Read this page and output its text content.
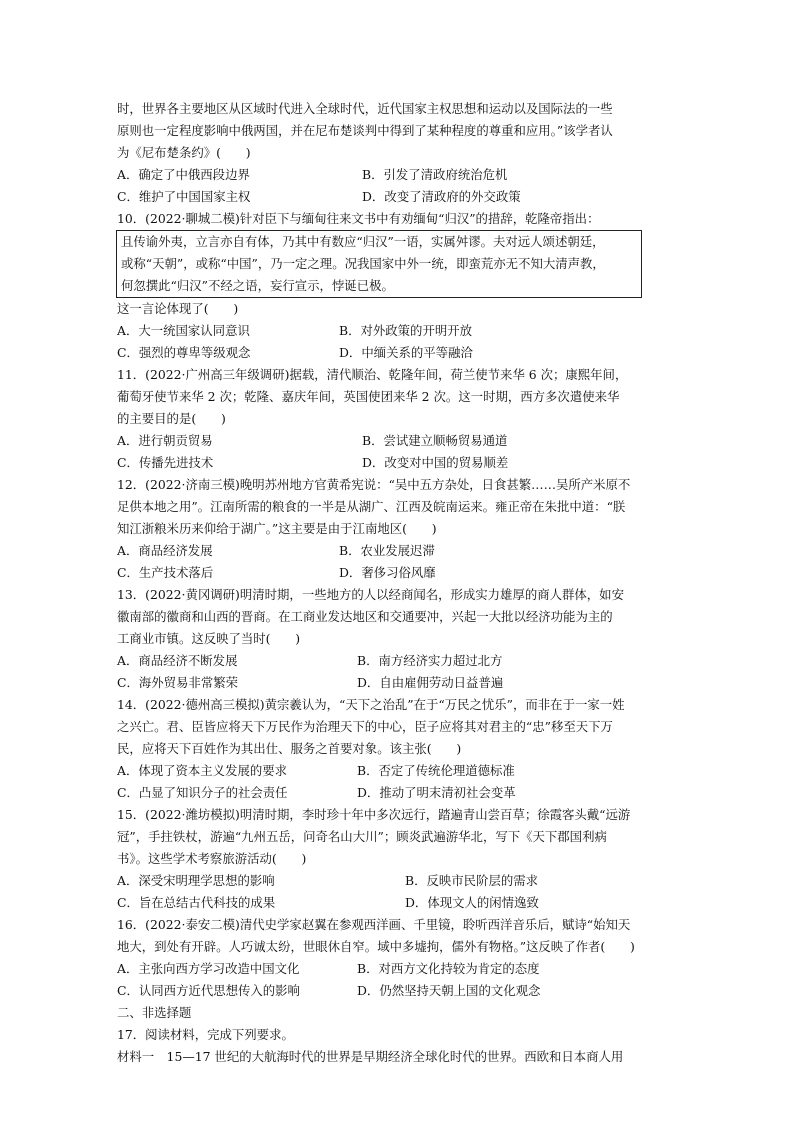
时，世界各主要地区从区域时代进入全球时代，近代国家主权思想和运动以及国际法的一些
原则也一定程度影响中俄两国，并在尼布楚谈判中得到了某种程度的尊重和应用。”该学者认
为《尼布楚条约》(　　)
A．确定了中俄西段边界	B．引发了清政府统治危机
C．维护了中国国家主权	D．改变了清政府的外交政策
10．(2022·聊城二模)针对臣下与缅甸往来文书中有劝缅甸“归汉”的措辞，乾隆帝指出：
且传谕外夷，立言亦自有体，乃其中有数应“归汉”一语，实属舛谬。夫对远人颂述朝廷，
或称“天朝”，或称“中国”，乃一定之理。况我国家中外一统，即蛮荒亦无不知大清声教，
何忽撰此“归汉”不经之语，妄行宣示，悖诞已极。
这一言论体现了(　　)
A．大一统国家认同意识	B．对外政策的开明开放
C．强烈的尊卑等级观念	D．中缅关系的平等融洽
11．(2022·广州高三年级调研)据载，清代顺治、乾隆年间，荷兰使节来华 6 次；康熙年间，
葡萄牙使节来华 2 次；乾隆、嘉庆年间，英国使团来华 2 次。这一时期，西方多次遣使来华
的主要目的是(　　)
A．进行朝贡贸易	B．尝试建立顺畅贸易通道
C．传播先进技术	D．改变对中国的贸易顺差
12．(2022·济南三模)晚明苏州地方官黄希宪说：“吴中五方杂处，日食甚繁……吴所产米原不
足供本地之用”。江南所需的粮食的一半是从湖广、江西及皖南运来。雍正帝在朱批中道：“朕
知江浙粮米历来仰给于湖广。”这主要是由于江南地区(　　)
A．商品经济发展	B．农业发展迟滞
C．生产技术落后	D．奢侈习俗风靡
13．(2022·黄冈调研)明清时期，一些地方的人以经商闻名，形成实力雄厚的商人群体，如安
徽南部的徽商和山西的晋商。在工商业发达地区和交通要冲，兴起一大批以经济功能为主的
工商业市镇。这反映了当时(　　)
A．商品经济不断发展	B．南方经济实力超过北方
C．海外贸易非常繁荣	D．自由雇佣劳动日益普遍
14．(2022·德州高三模拟)黄宗羲认为，“天下之治乱”在于“万民之忧乐”，而非在于一家一姓
之兴亡。君、臣皆应将天下万民作为治理天下的中心，臣子应将其对君主的“忠”移至天下万
民，应将天下百姓作为其出仕、服务之首要对象。该主张(　　)
A．体现了资本主义发展的要求	B．否定了传统伦理道德标准
C．凸显了知识分子的社会责任	D．推动了明末清初社会变革
15．(2022·潍坊模拟)明清时期，李时珍十年中多次远行，踏遍青山尝百草；徐霞客头戴“远游
冠”，手拄铁杖，游遍“九州五岳，问奇名山大川”；顾炎武遍游华北，写下《天下郡国利病
书》。这些学术考察旅游活动(　　)
A．深受宋明理学思想的影响	B．反映市民阶层的需求
C．旨在总结古代科技的成果	D．体现文人的闲情逸致
16．(2022·泰安二模)清代史学家赵翼在参观西洋画、千里镜，聆听西洋音乐后，赋诗“始知天
地大，到处有开辟。人巧诚太纷，世眼休自窄。域中多墟拘，儒外有物格。”这反映了作者(　　)
A．主张向西方学习改造中国文化	B．对西方文化持较为肯定的态度
C．认同西方近代思想传入的影响	D．仍然坚持天朝上国的文化观念
二、非选择题
17．阅读材料，完成下列要求。
材料一　15—17 世纪的大航海时代的世界是早期经济全球化时代的世界。西欧和日本商人用
